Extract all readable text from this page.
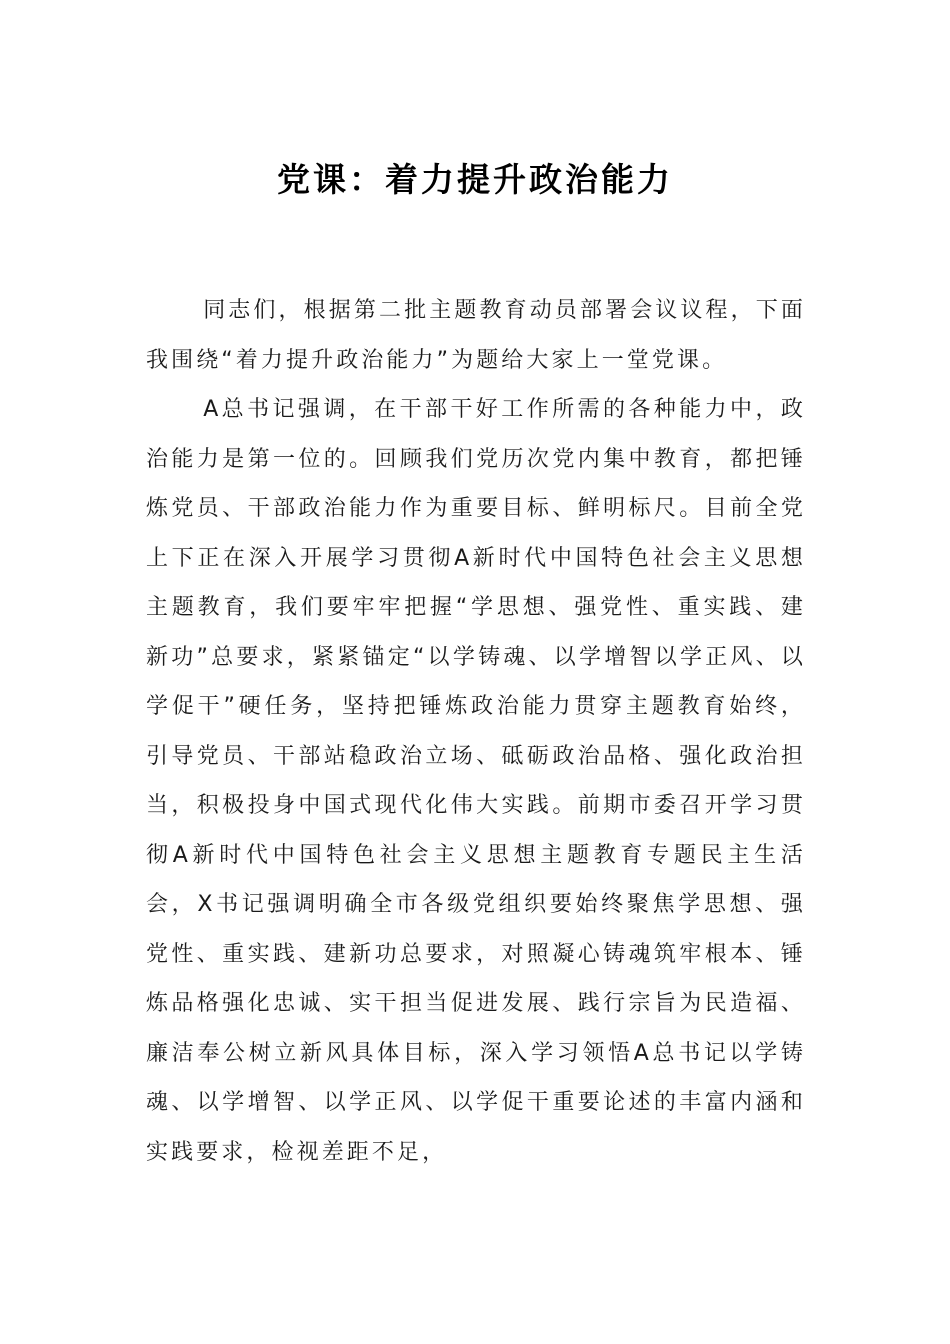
党课：着力提升政治能力

同志们，根据第二批主题教育动员部署会议议程，下面我围绕“着力提升政治能力”为题给大家上一堂党课。

A总书记强调，在干部干好工作所需的各种能力中，政治能力是第一位的。回顾我们党历次党内集中教育，都把锤炼党员、干部政治能力作为重要目标、鲜明标尺。目前全党上下正在深入开展学习贯彻A新时代中国特色社会主义思想主题教育，我们要牢牢把握“学思想、强党性、重实践、建新功”总要求，紧紧锚定“以学铸魂、以学增智以学正风、以学促干”硬任务，坚持把锤炼政治能力贯穿主题教育始终，引导党员、干部站稳政治立场、砥砺政治品格、强化政治担当，积极投身中国式现代化伟大实践。前期市委召开学习贯彻A新时代中国特色社会主义思想主题教育专题民主生活会，X书记强调明确全市各级党组织要始终聚焦学思想、强党性、重实践、建新功总要求，对照凝心铸魂筑牢根本、锤炼品格强化忠诚、实干担当促进发展、践行宗旨为民造福、廉洁奉公树立新风具体目标，深入学习领悟A总书记以学铸魂、以学增智、以学正风、以学促干重要论述的丰富内涵和实践要求，检视差距不足，
